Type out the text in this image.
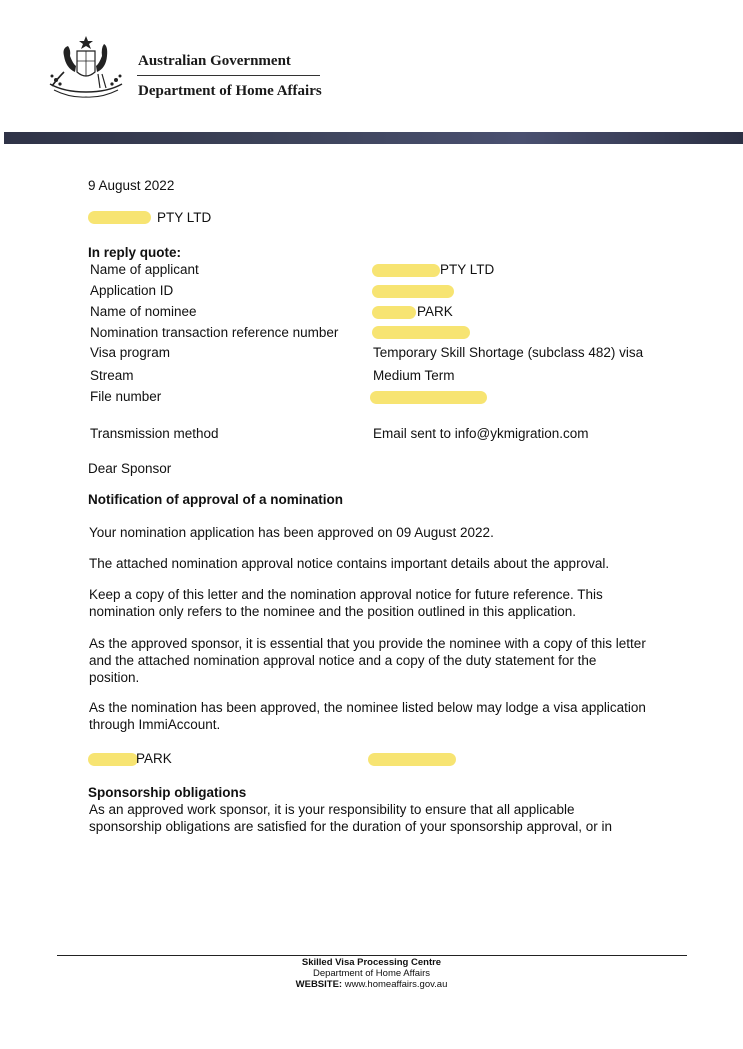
Australian Government
Department of Home Affairs
9 August 2022
PTY LTD
In reply quote:
Name of applicant	PTY LTD
Application ID
Name of nominee	PARK
Nomination transaction reference number
Visa program	Temporary Skill Shortage (subclass 482) visa
Stream	Medium Term
File number
Transmission method	Email sent to info@ykmigration.com
Dear Sponsor
Notification of approval of a nomination
Your nomination application has been approved on 09 August 2022.
The attached nomination approval notice contains important details about the approval.
Keep a copy of this letter and the nomination approval notice for future reference. This nomination only refers to the nominee and the position outlined in this application.
As the approved sponsor, it is essential that you provide the nominee with a copy of this letter and the attached nomination approval notice and a copy of the duty statement for the position.
As the nomination has been approved, the nominee listed below may lodge a visa application through ImmiAccount.
PARK
Sponsorship obligations
As an approved work sponsor, it is your responsibility to ensure that all applicable sponsorship obligations are satisfied for the duration of your sponsorship approval, or in
Skilled Visa Processing Centre
Department of Home Affairs
WEBSITE: www.homeaffairs.gov.au
